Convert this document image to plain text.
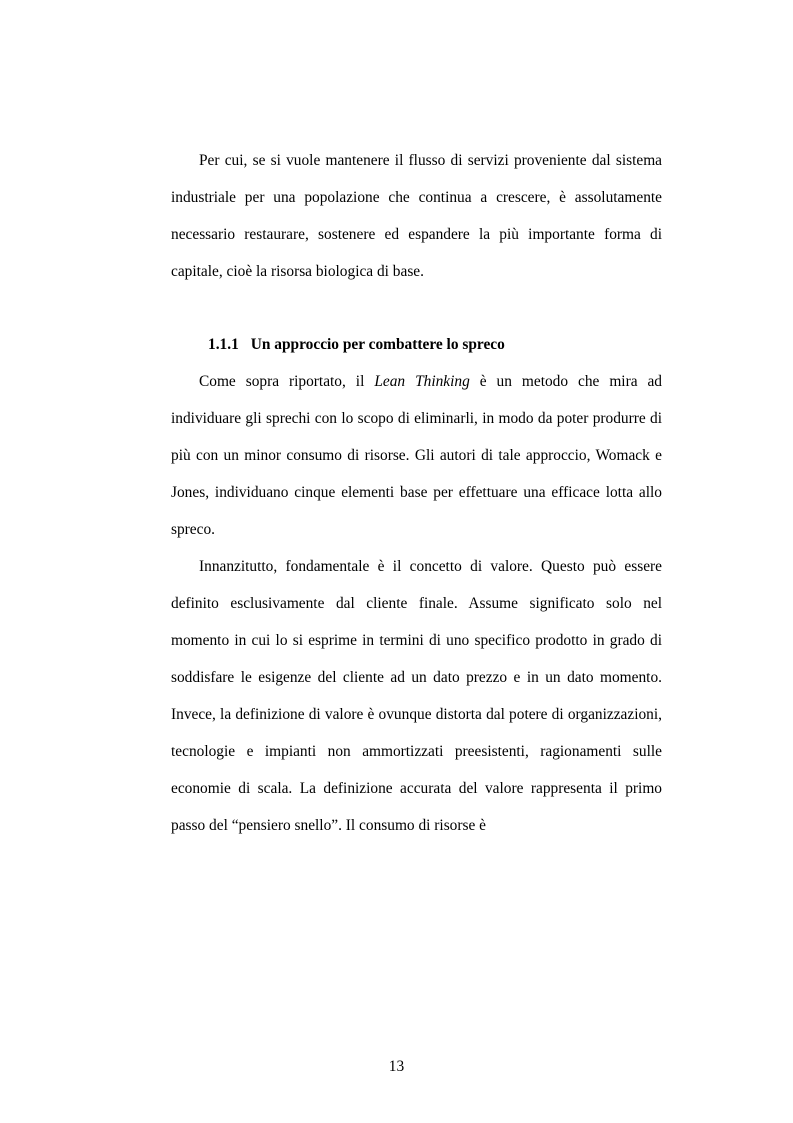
Per cui, se si vuole mantenere il flusso di servizi proveniente dal sistema industriale per una popolazione che continua a crescere, è assolutamente necessario restaurare, sostenere ed espandere la più importante forma di capitale, cioè la risorsa biologica di base.

1.1.1 Un approccio per combattere lo spreco

Come sopra riportato, il Lean Thinking è un metodo che mira ad individuare gli sprechi con lo scopo di eliminarli, in modo da poter produrre di più con un minor consumo di risorse. Gli autori di tale approccio, Womack e Jones, individuano cinque elementi base per effettuare una efficace lotta allo spreco.

Innanzitutto, fondamentale è il concetto di valore. Questo può essere definito esclusivamente dal cliente finale. Assume significato solo nel momento in cui lo si esprime in termini di uno specifico prodotto in grado di soddisfare le esigenze del cliente ad un dato prezzo e in un dato momento. Invece, la definizione di valore è ovunque distorta dal potere di organizzazioni, tecnologie e impianti non ammortizzati preesistenti, ragionamenti sulle economie di scala. La definizione accurata del valore rappresenta il primo passo del “pensiero snello”. Il consumo di risorse è

13
